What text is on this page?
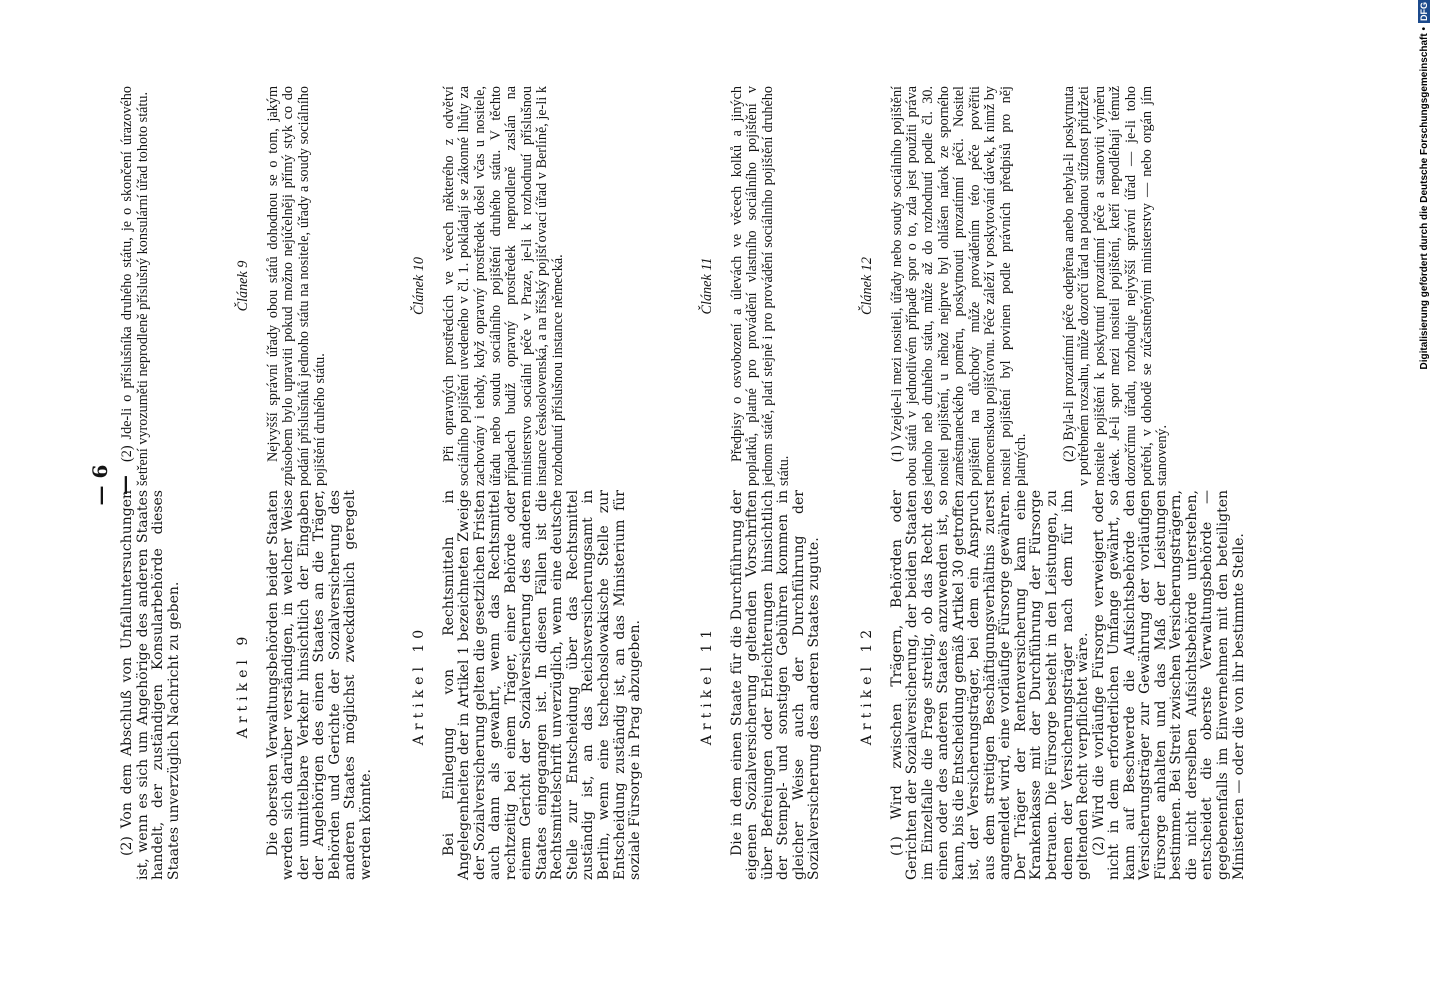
— 6 —

(2) Von dem Abschluß von Unfalluntersuchungen ist, wenn es sich um Angehörige des anderen Staates handelt, der zuständigen Konsularbehörde dieses Staates unverzüglich Nachricht zu geben.	Artikel 9 Die obersten Verwaltungsbehörden beider Staaten werden sich darüber verständigen, in welcher Weise der unmittelbare Verkehr hinsichtlich der Eingaben der Angehörigen des einen Staates an die Träger, Behörden und Gerichte der Sozialversicherung des anderen Staates möglichst zweckdienlich geregelt werden könnte.

Artikel 10 Bei Einlegung von Rechtsmitteln in Angelegenheiten der in Artikel 1 bezeichneten Zweige der Sozialversicherung gelten die gesetzlichen Fristen auch dann als gewahrt, wenn das Rechtsmittel rechtzeitig bei einem Träger, einer Behörde oder einem Gericht der Sozialversicherung des anderen Staates eingegangen ist. In diesen Fällen ist die Rechtsmittelschrift unverzüglich, wenn eine deutsche Stelle zur Entscheidung über das Rechtsmittel zuständig ist, an das Reichsversicherungsamt in Berlin, wenn eine tschechoslowakische Stelle zur Entscheidung zuständig ist, an das Ministerium für soziale Fürsorge in Prag abzugeben.	Artikel 11 Die in dem einen Staate für die Durchführung der eigenen Sozialversicherung geltenden Vorschriften über Befreiungen oder Erleichterungen hinsichtlich der Stempel- und sonstigen Gebühren kommen in gleicher Weise auch der Durchführung der Sozialversicherung des anderen Staates zugute.	Artikel 12 (1) Wird zwischen Trägern, Behörden oder Gerichten der Sozialversicherung, der beiden Staaten im Einzelfalle die Frage streitig, ob das Recht des einen oder des anderen Staates anzuwenden ist, so kann, bis die Entscheidung gemäß Artikel 30 getroffen ist, der Versicherungsträger, bei dem ein Anspruch aus dem streitigen Beschäftigungsverhältnis zuerst angemeldet wird, eine vorläufige Fürsorge gewähren. Der Träger der Rentenversicherung kann eine Krankenkasse mit der Durchführung der Fürsorge betrauen. Die Fürsorge besteht in den Leistungen, zu denen der Versicherungsträger nach dem für ihn geltenden Recht verpflichtet wäre. (2) Wird die vorläufige Fürsorge verweigert oder nicht in dem erforderlichen Umfange gewährt, so kann auf Beschwerde die Aufsichtsbehörde den Versicherungsträger zur Gewährung der vorläufigen Fürsorge anhalten und das Maß der Leistungen bestimmen. Bei Streit zwischen Versicherungsträgern, die nicht derselben Aufsichtsbehörde unterstehen, entscheidet die oberste Verwaltungsbehörde — gegebenenfalls im Einvernehmen mit den beteiligten Ministerien — oder die von ihr bestimmte Stelle.

(2) Jde-li o příslušníka druhého státu, je o skončení úrazového šetření vyrozuměti neprodleně příslušný konsulární úřad tohoto státu.	Článek 9 Nejvyšší správní úřady obou států dohodnou se o tom, jakým způsobem bylo upraviti pokud možno nejúčelněji přímý styk co do podání příslušníků jednoho státu na nositele, úřady a soudy sociálního pojištění druhého státu.

Článek 10 Při opravných prostředcích ve věcech některého z odvětví sociálního pojištění uvedeného v čl. 1. pokládají se zákonné lhůty za zachovány i tehdy, když opravný prostředek došel včas u nositele, úřadu nebo soudu sociálního pojištění druhého státu. V těchto případech budiž opravný prostředek neprodleně zaslán na ministerstvo sociální péče v Praze, je-li k rozhodnutí příslušnou instance československá, a na říšský pojišťovací úřad v Berlíně, je-li k rozhodnutí příslušnou instance německá.	Článek 11 Předpisy o osvobození a úlevách ve věcech kolků a jiných poplatků, platné pro provádění vlastního sociálního pojištění v jednom státě, platí stejně i pro provádění sociálního pojištění druhého státu.

Článek 12 (1) Vzejde-li mezi nositeli, úřady nebo soudy sociálního pojištění obou států v jednotlivém případě spor o to, zda jest použiti práva jednoho neb druhého státu, může až do rozhodnutí podle čl. 30. nositel pojištění, u něhož nejprve byl ohlášen nárok ze sporného zaměstnaneckého poměru, poskytnouti prozatímní péči. Nositel pojištění na důchody může prováděním této péče pověřiti nemocenskou pojišťovnu. Péče záleží v poskytování dávek, k nimž by nositel pojištění byl povinen podle právních předpisů pro něj platných. (2) Byla-li prozatímní péče odepřena anebo nebyla-li poskytnuta v potřebném rozsahu, může dozorčí úřad na podanou stížnost přidržeti nositele pojištění k poskytnutí prozatímní péče a stanoviti výměru dávek. Je-li spor mezi nositeli pojištění, kteří nepodléhají témuž dozorčímu úřadu, rozhoduje nejvyšší správní úřad — je-li toho potřebí, v dohodě se zúčastněnými ministerstvy — nebo orgán jím stanovený.

Digitalisierung gefördert durch die Deutsche Forschungsgemeinschaft •DFG
